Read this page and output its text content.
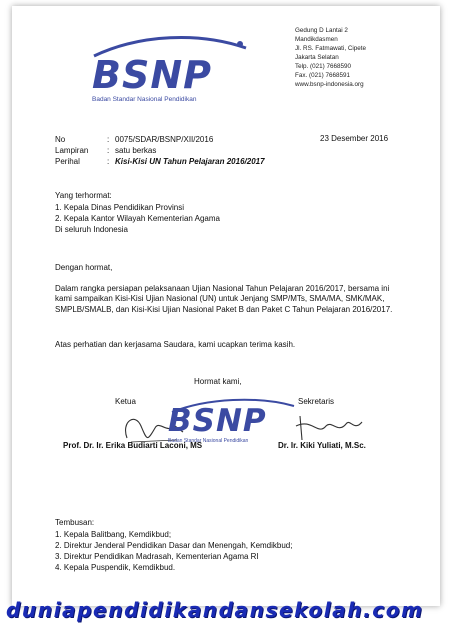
BSNP
Badan Standar Nasional Pendidikan
Gedung D Lantai 2
Mandikdasmen
Jl. RS. Fatmawati, Cipete
Jakarta Selatan
Telp. (021) 7668590
Fax. (021) 7668591
www.bsnp-indonesia.org
No	: 0075/SDAR/BSNP/XII/2016
Lampiran : satu berkas
Perihal	: Kisi-Kisi UN Tahun Pelajaran 2016/2017
23 Desember 2016
Yang terhormat:
1. Kepala Dinas Pendidikan Provinsi
2. Kepala Kantor Wilayah Kementerian Agama
Di seluruh Indonesia
Dengan hormat,
Dalam rangka persiapan pelaksanaan Ujian Nasional Tahun Pelajaran 2016/2017, bersama ini kami sampaikan Kisi-Kisi Ujian Nasional (UN) untuk Jenjang SMP/MTs, SMA/MA, SMK/MAK, SMPLB/SMALB, dan Kisi-Kisi Ujian Nasional Paket B dan Paket C Tahun Pelajaran 2016/2017.
Atas perhatian dan kerjasama Saudara, kami ucapkan terima kasih.
Hormat kami,
Ketua	Sekretaris
BSNP
Badan Standar Nasional Pendidikan
Prof. Dr. Ir. Erika Budiarti Laconi, MS	Dr. Ir. Kiki Yuliati, M.Sc.
Tembusan:
1. Kepala Balitbang, Kemdikbud;
2. Direktur Jenderal Pendidikan Dasar dan Menengah, Kemdikbud;
3. Direktur Pendidikan Madrasah, Kementerian Agama RI
4. Kepala Puspendik, Kemdikbud.
duniapendidikandansekolah.com
